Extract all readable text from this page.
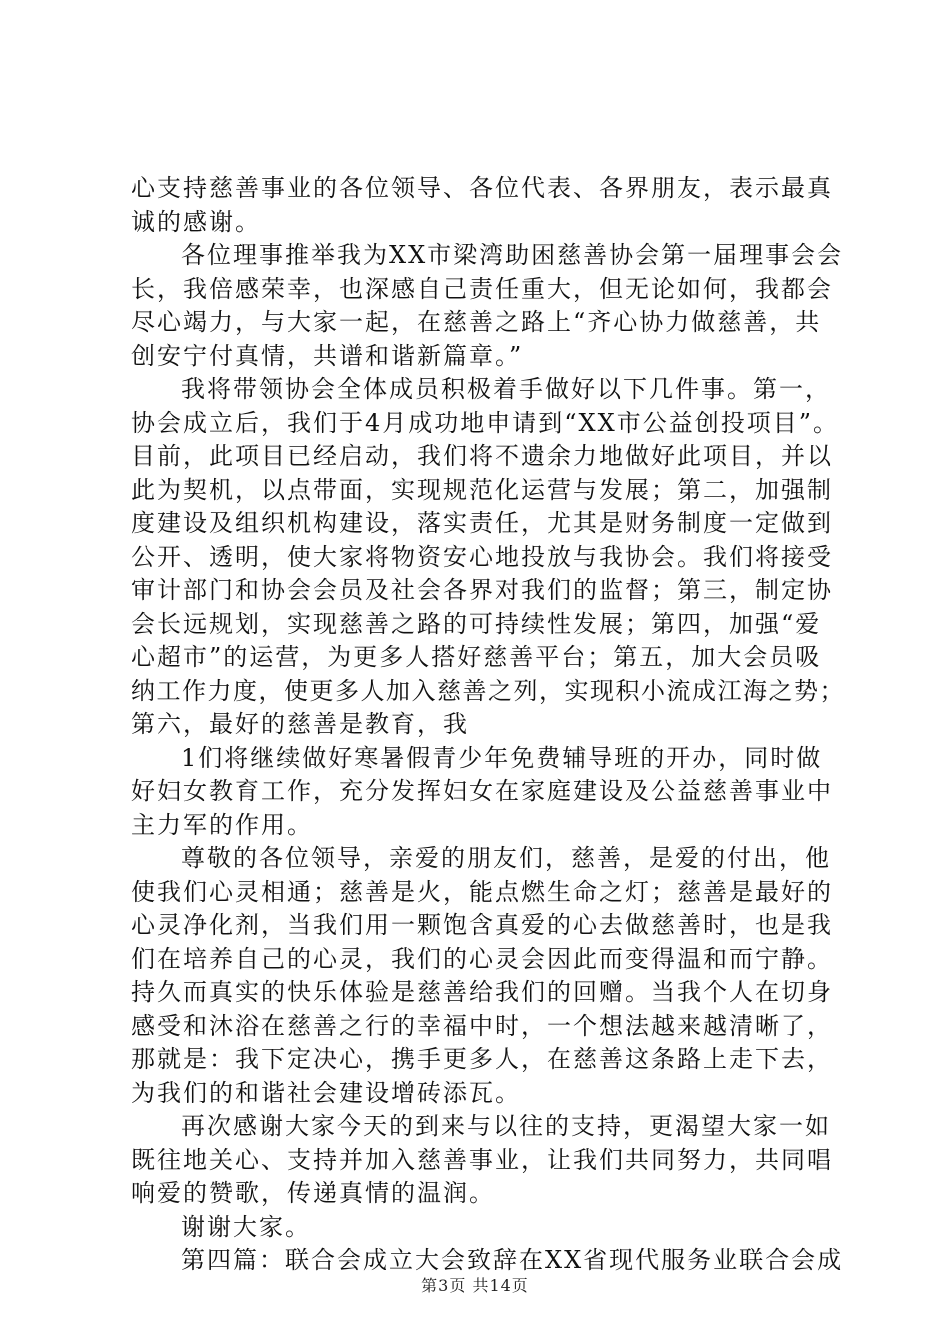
心支持慈善事业的各位领导、各位代表、各界朋友，表示最真
诚的感谢。
各位理事推举我为XX市梁湾助困慈善协会第一届理事会会
长，我倍感荣幸，也深感自己责任重大，但无论如何，我都会
尽心竭力，与大家一起，在慈善之路上“齐心协力做慈善，共
创安宁付真情，共谱和谐新篇章。”
我将带领协会全体成员积极着手做好以下几件事。第一，
协会成立后，我们于4月成功地申请到“XX市公益创投项目”。
目前，此项目已经启动，我们将不遗余力地做好此项目，并以
此为契机，以点带面，实现规范化运营与发展；第二，加强制
度建设及组织机构建设，落实责任，尤其是财务制度一定做到
公开、透明，使大家将物资安心地投放与我协会。我们将接受
审计部门和协会会员及社会各界对我们的监督；第三，制定协
会长远规划，实现慈善之路的可持续性发展；第四，加强“爱
心超市”的运营，为更多人搭好慈善平台；第五，加大会员吸
纳工作力度，使更多人加入慈善之列，实现积小流成江海之势；
第六，最好的慈善是教育，我
1们将继续做好寒暑假青少年免费辅导班的开办，同时做
好妇女教育工作，充分发挥妇女在家庭建设及公益慈善事业中
主力军的作用。
尊敬的各位领导，亲爱的朋友们，慈善，是爱的付出，他
使我们心灵相通；慈善是火，能点燃生命之灯；慈善是最好的
心灵净化剂，当我们用一颗饱含真爱的心去做慈善时，也是我
们在培养自己的心灵，我们的心灵会因此而变得温和而宁静。
持久而真实的快乐体验是慈善给我们的回赠。当我个人在切身
感受和沐浴在慈善之行的幸福中时，一个想法越来越清晰了，
那就是：我下定决心，携手更多人，在慈善这条路上走下去，
为我们的和谐社会建设增砖添瓦。
再次感谢大家今天的到来与以往的支持，更渴望大家一如
既往地关心、支持并加入慈善事业，让我们共同努力，共同唱
响爱的赞歌，传递真情的温润。
谢谢大家。
第四篇：联合会成立大会致辞在XX省现代服务业联合会成
第3页 共14页
